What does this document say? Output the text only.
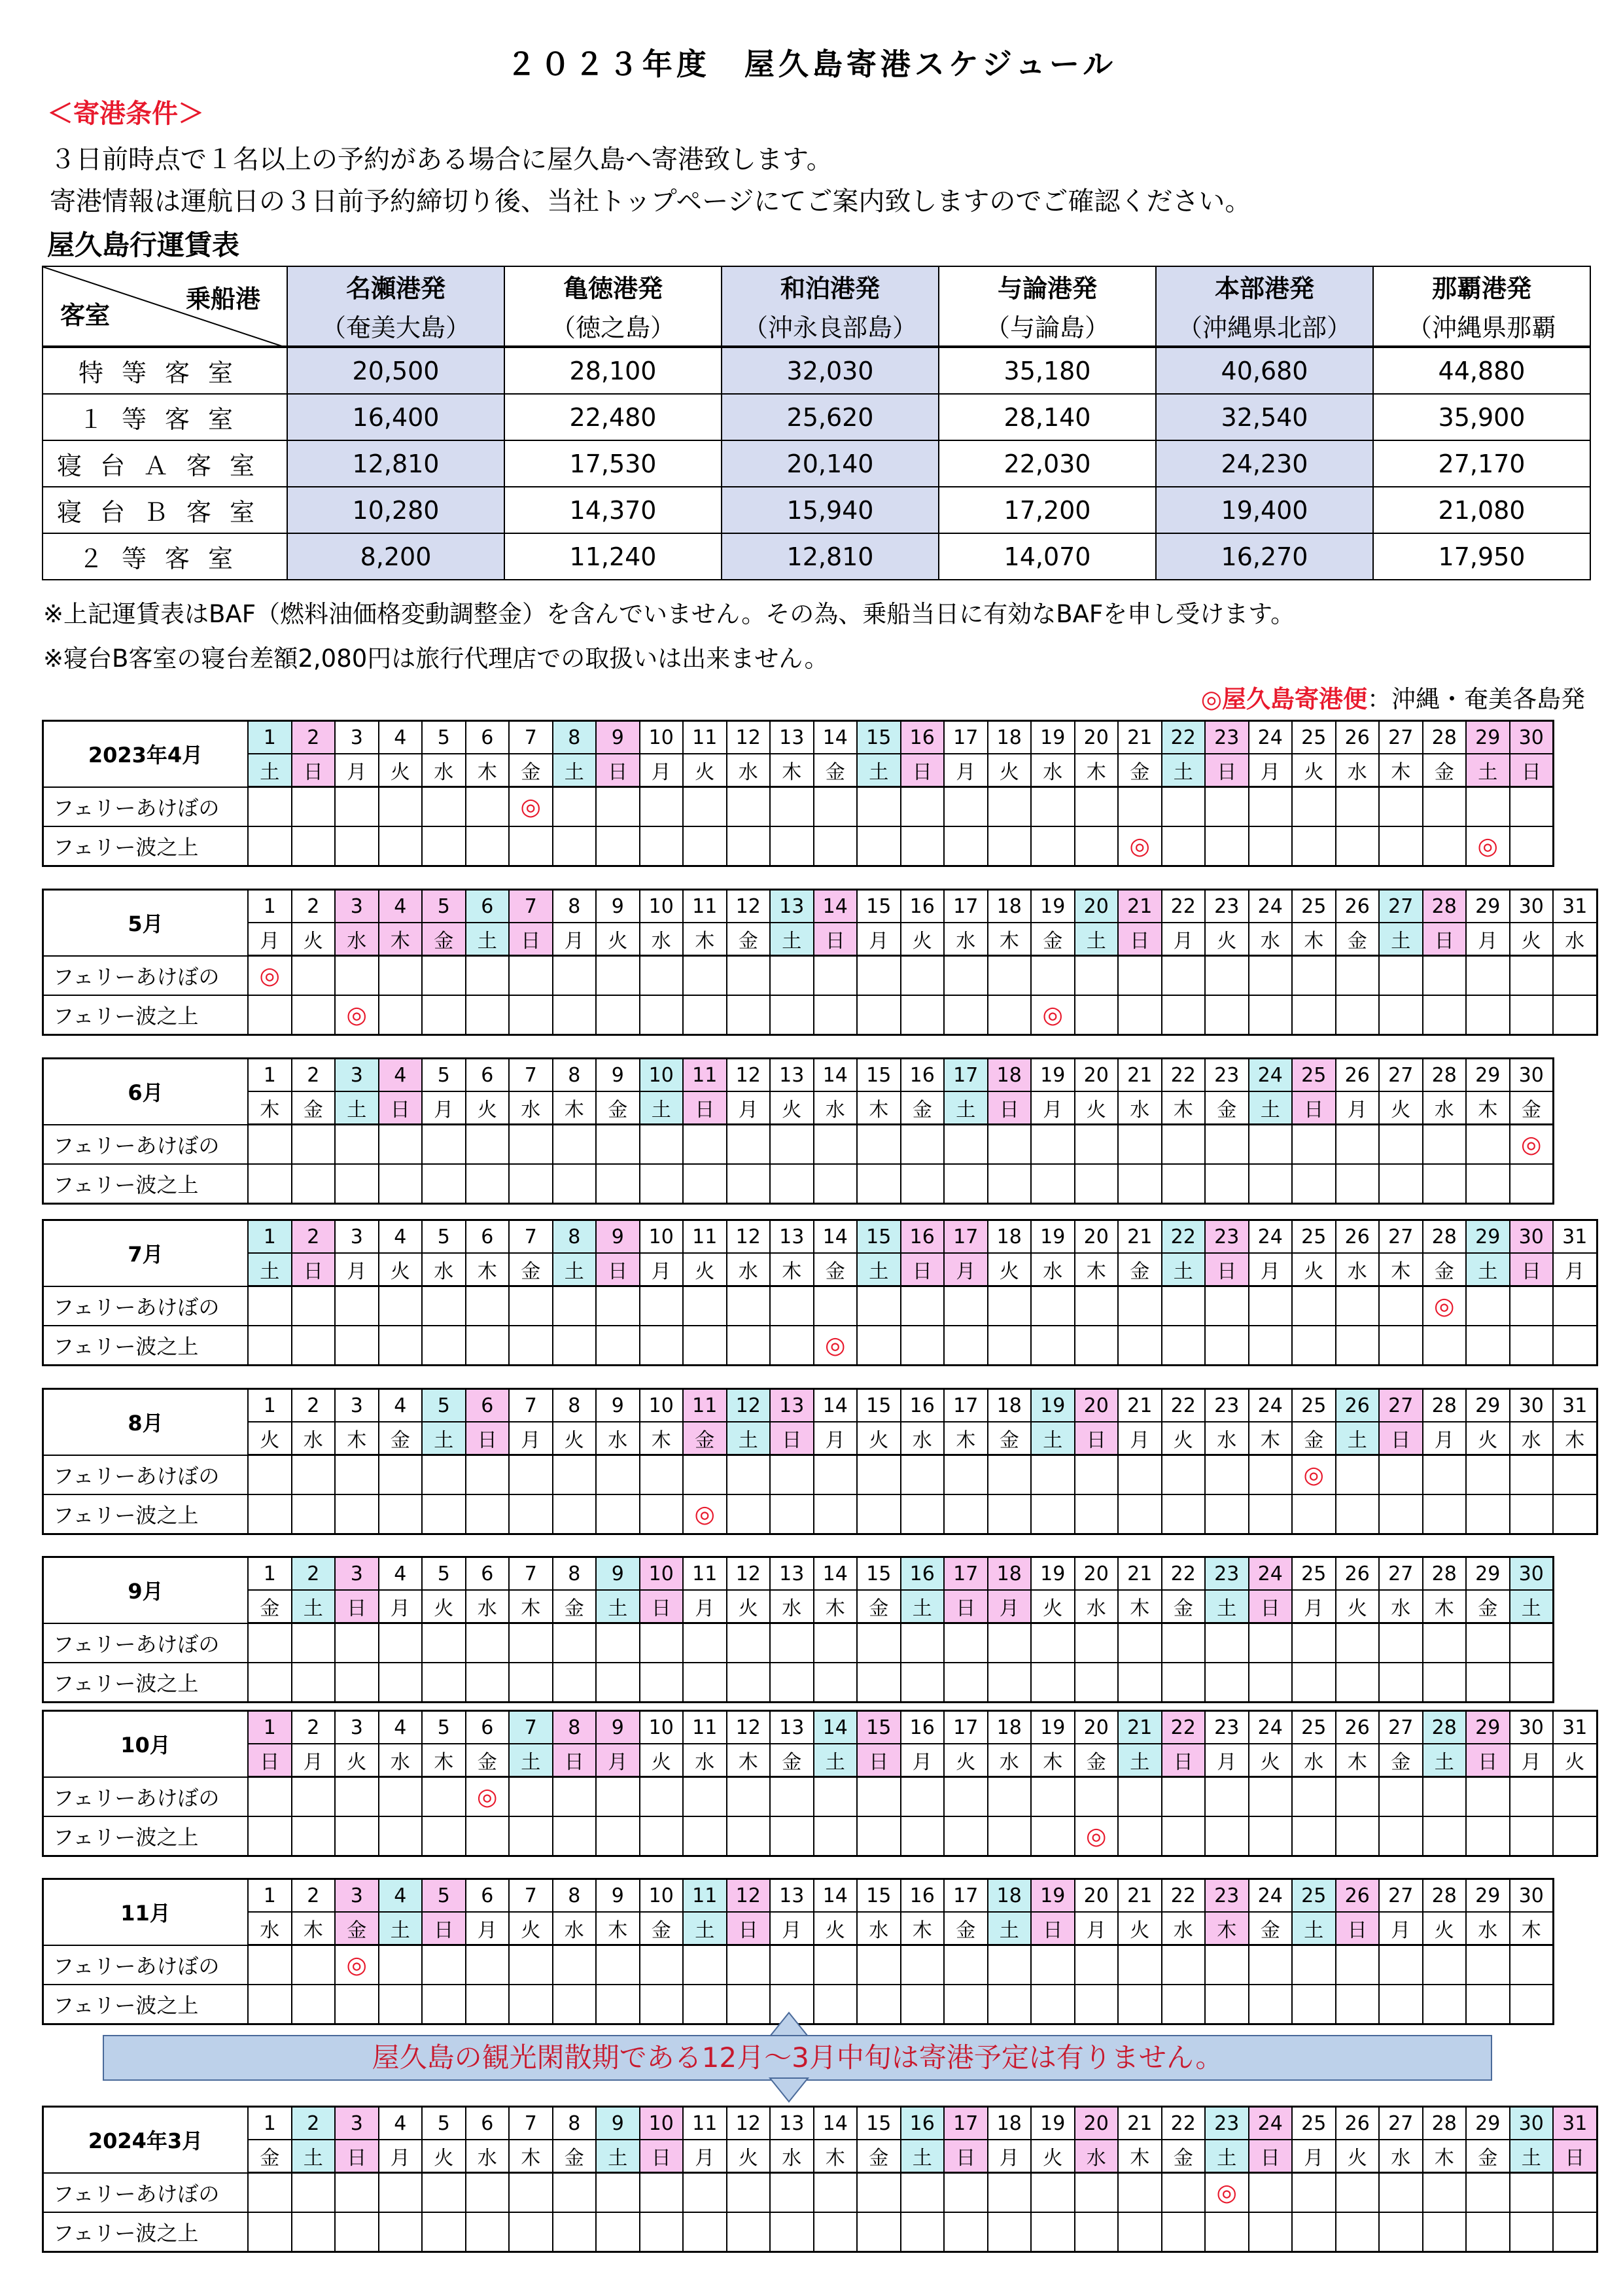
２０２３年度　屋久島寄港スケジュール
＜寄港条件＞
３日前時点で１名以上の予約がある場合に屋久島へ寄港致します。
寄港情報は運航日の３日前予約締切り後、当社トップページにてご案内致しますのでご確認ください。
屋久島行運賃表
乗船港
客室	名瀬港発	亀徳港発	和泊港発	与論港発	本部港発	那覇港発
	（奄美大島）	（徳之島）	（沖永良部島）	（与論島）	（沖縄県北部）	（沖縄県那覇
特等客室	20,500	28,100	32,030	35,180	40,680	44,880
１等客室	16,400	22,480	25,620	28,140	32,540	35,900
寝台Ａ客室	12,810	17,530	20,140	22,030	24,230	27,170
寝台Ｂ客室	10,280	14,370	15,940	17,200	19,400	21,080
２等客室	8,200	11,240	12,810	14,070	16,270	17,950
※上記運賃表はBAF（燃料油価格変動調整金）を含んでいません。その為、乗船当日に有効なBAFを申し受けます。
※寝台B客室の寝台差額2,080円は旅行代理店での取扱いは出来ません。
◎屋久島寄港便：沖縄・奄美各島発
2023年4月	1	2	3	4	5	6	7	8	9	10	11	12	13	14	15	16	17	18	19	20	21	22	23	24	25	26	27	28	29	30
	土	日	月	火	水	木	金	土	日	月	火	水	木	金	土	日	月	火	水	木	金	土	日	月	火	水	木	金	土	日
フェリーあけぼの							◎																							
フェリー波之上																					◎								◎	
5月	1	2	3	4	5	6	7	8	9	10	11	12	13	14	15	16	17	18	19	20	21	22	23	24	25	26	27	28	29	30	31
	月	火	水	木	金	土	日	月	火	水	木	金	土	日	月	火	水	木	金	土	日	月	火	水	木	金	土	日	月	火	水
フェリーあけぼの	◎																														
フェリー波之上			◎																◎												
6月	1	2	3	4	5	6	7	8	9	10	11	12	13	14	15	16	17	18	19	20	21	22	23	24	25	26	27	28	29	30
	木	金	土	日	月	火	水	木	金	土	日	月	火	水	木	金	土	日	月	火	水	木	金	土	日	月	火	水	木	金
フェリーあけぼの																														◎
フェリー波之上																														
7月	1	2	3	4	5	6	7	8	9	10	11	12	13	14	15	16	17	18	19	20	21	22	23	24	25	26	27	28	29	30	31
	土	日	月	火	水	木	金	土	日	月	火	水	木	金	土	日	月	火	水	木	金	土	日	月	火	水	木	金	土	日	月
フェリーあけぼの																												◎			
フェリー波之上														◎																	
8月	1	2	3	4	5	6	7	8	9	10	11	12	13	14	15	16	17	18	19	20	21	22	23	24	25	26	27	28	29	30	31
	火	水	木	金	土	日	月	火	水	木	金	土	日	月	火	水	木	金	土	日	月	火	水	木	金	土	日	月	火	水	木
フェリーあけぼの																									◎						
フェリー波之上											◎																				
9月	1	2	3	4	5	6	7	8	9	10	11	12	13	14	15	16	17	18	19	20	21	22	23	24	25	26	27	28	29	30
	金	土	日	月	火	水	木	金	土	日	月	火	水	木	金	土	日	月	火	水	木	金	土	日	月	火	水	木	金	土
フェリーあけぼの																														
フェリー波之上																														
10月	1	2	3	4	5	6	7	8	9	10	11	12	13	14	15	16	17	18	19	20	21	22	23	24	25	26	27	28	29	30	31
	日	月	火	水	木	金	土	日	月	火	水	木	金	土	日	月	火	水	木	金	土	日	月	火	水	木	金	土	日	月	火
フェリーあけぼの						◎																									
フェリー波之上																				◎											
11月	1	2	3	4	5	6	7	8	9	10	11	12	13	14	15	16	17	18	19	20	21	22	23	24	25	26	27	28	29	30
	水	木	金	土	日	月	火	水	木	金	土	日	月	火	水	木	金	土	日	月	火	水	木	金	土	日	月	火	水	木
フェリーあけぼの			◎																											
フェリー波之上																														
2024年3月	1	2	3	4	5	6	7	8	9	10	11	12	13	14	15	16	17	18	19	20	21	22	23	24	25	26	27	28	29	30	31
	金	土	日	月	火	水	木	金	土	日	月	火	水	木	金	土	日	月	火	水	木	金	土	日	月	火	水	木	金	土	日
フェリーあけぼの																							◎								
フェリー波之上																															
屋久島の観光閑散期である12月～3月中旬は寄港予定は有りません。
